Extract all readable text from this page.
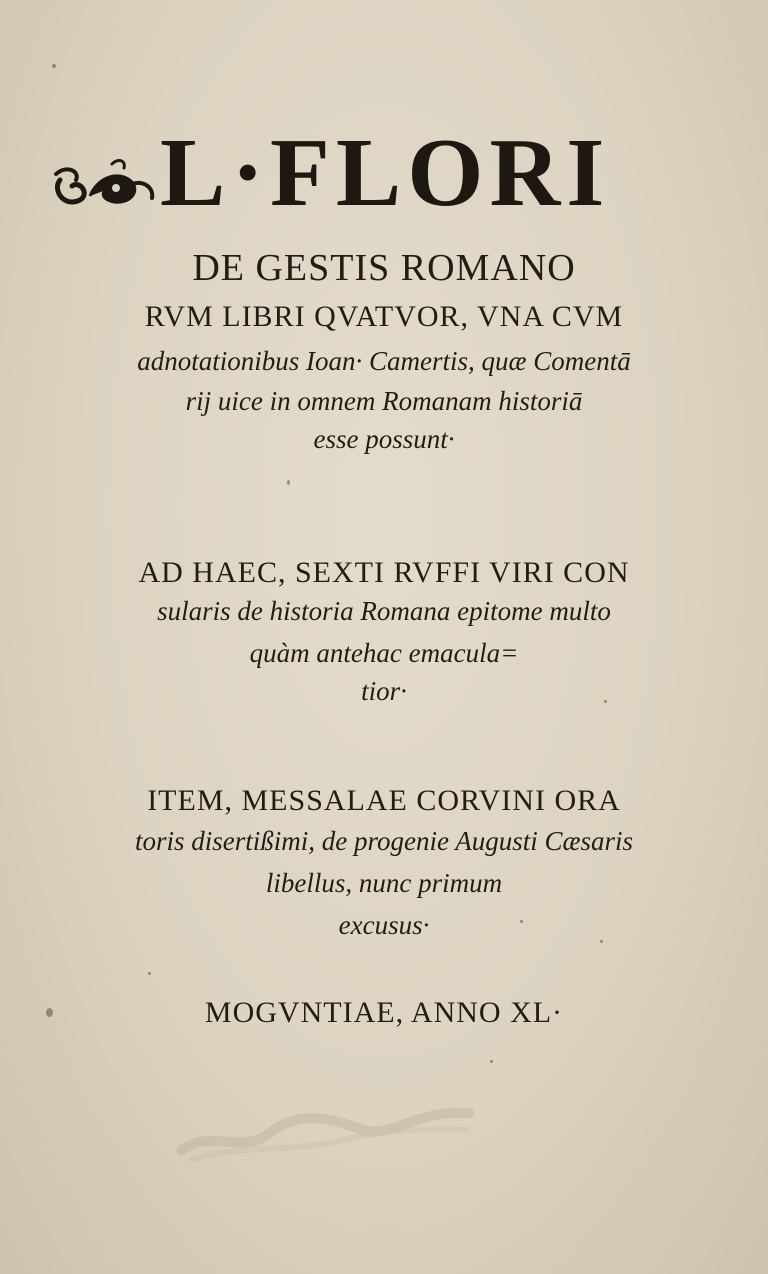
L·FLORI
DE GESTIS ROMANO
RVM LIBRI QVATVOR, VNA CVM
adnotationibus Ioan· Camertis, quæ Comentā
rij uice in omnem Romanam historiā
esse possunt·
AD HAEC, SEXTI RVFFI VIRI CON
sularis de historia Romana epitome multo
quàm antehac emacula=
tior·
ITEM, MESSALAE CORVINI ORA
toris disertißimi, de progenie Augusti Cæsaris
libellus, nunc primum
excusus·
MOGVNTIAE, ANNO XL·
